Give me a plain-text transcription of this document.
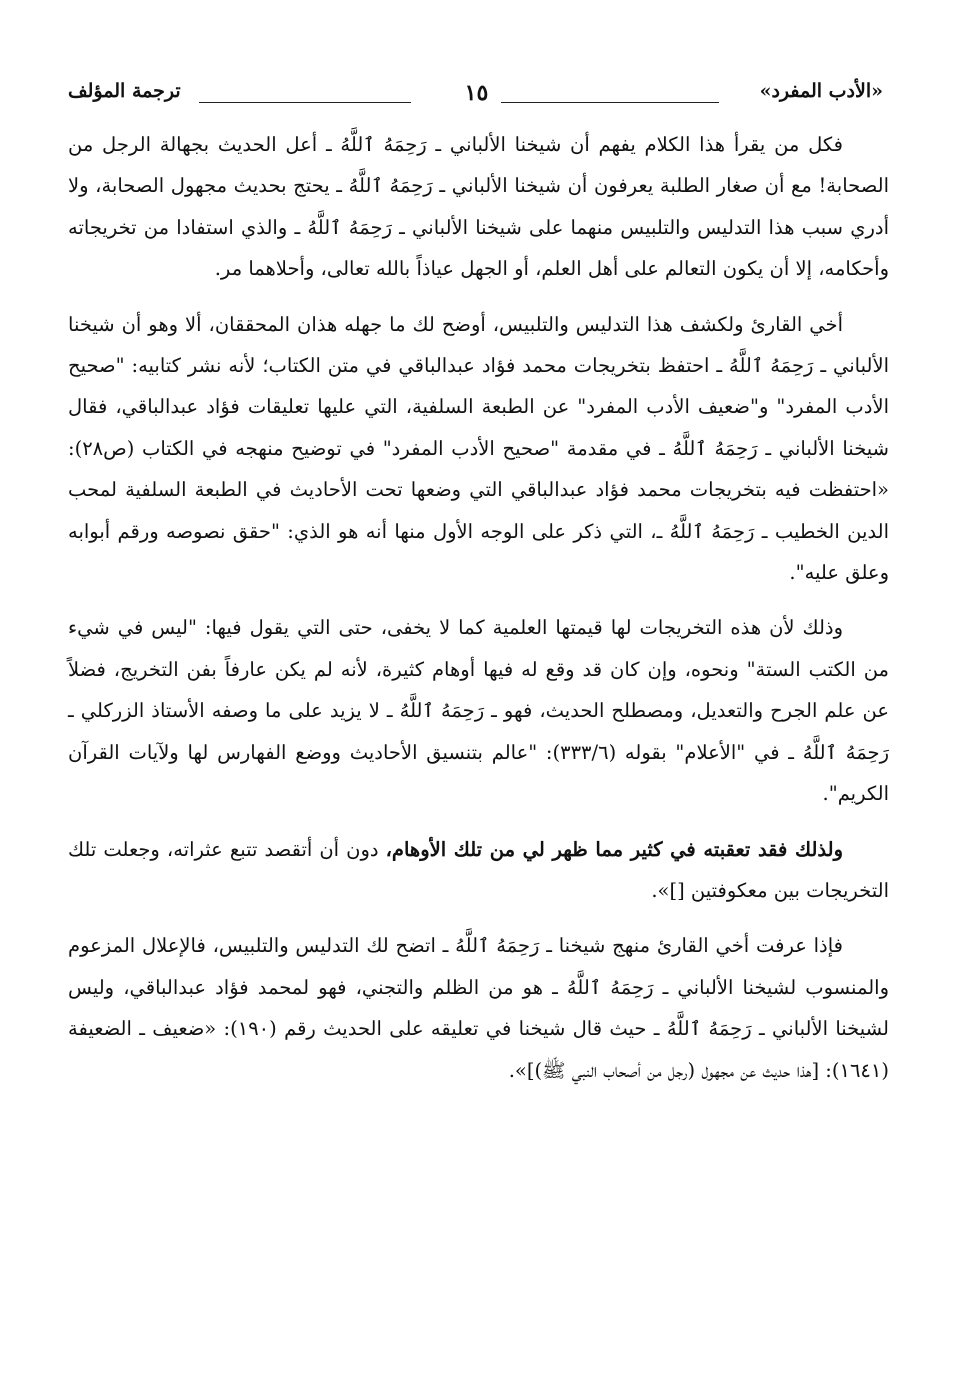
«الأدب المفرد»
١٥
ترجمة المؤلف

فكل من يقرأ هذا الكلام يفهم أن شيخنا الألباني ـ رَحِمَهُ ٱللَّهُ ـ أعل الحديث بجهالة الرجل من الصحابة! مع أن صغار الطلبة يعرفون أن شيخنا الألباني ـ رَحِمَهُ ٱللَّهُ ـ يحتج بحديث مجهول الصحابة، ولا أدري سبب هذا التدليس والتلبيس منهما على شيخنا الألباني ـ رَحِمَهُ ٱللَّهُ ـ والذي استفادا من تخريجاته وأحكامه، إلا أن يكون التعالم على أهل العلم، أو الجهل عياذاً بالله تعالى، وأحلاهما مر.

أخي القارئ ولكشف هذا التدليس والتلبيس، أوضح لك ما جهله هذان المحققان، ألا وهو أن شيخنا الألباني ـ رَحِمَهُ ٱللَّهُ ـ احتفظ بتخريجات محمد فؤاد عبدالباقي في متن الكتاب؛ لأنه نشر كتابيه: "صحيح الأدب المفرد" و"ضعيف الأدب المفرد" عن الطبعة السلفية، التي عليها تعليقات فؤاد عبدالباقي، فقال شيخنا الألباني ـ رَحِمَهُ ٱللَّهُ ـ في مقدمة "صحيح الأدب المفرد" في توضيح منهجه في الكتاب (ص٢٨): «احتفظت فيه بتخريجات محمد فؤاد عبدالباقي التي وضعها تحت الأحاديث في الطبعة السلفية لمحب الدين الخطيب ـ رَحِمَهُ ٱللَّهُ ـ، التي ذكر على الوجه الأول منها أنه هو الذي: "حقق نصوصه ورقم أبوابه وعلق عليه".

وذلك لأن هذه التخريجات لها قيمتها العلمية كما لا يخفى، حتى التي يقول فيها: "ليس في شيء من الكتب الستة" ونحوه، وإن كان قد وقع له فيها أوهام كثيرة، لأنه لم يكن عارفاً بفن التخريج، فضلاً عن علم الجرح والتعديل، ومصطلح الحديث، فهو ـ رَحِمَهُ ٱللَّهُ ـ لا يزيد على ما وصفه الأستاذ الزركلي ـ رَحِمَهُ ٱللَّهُ ـ في "الأعلام" بقوله (٣٣٣/٦): "عالم بتنسيق الأحاديث ووضع الفهارس لها ولآيات القرآن الكريم".

ولذلك فقد تعقبته في كثير مما ظهر لي من تلك الأوهام، دون أن أتقصد تتبع عثراته، وجعلت تلك التخريجات بين معكوفتين []».

فإذا عرفت أخي القارئ منهج شيخنا ـ رَحِمَهُ ٱللَّهُ ـ اتضح لك التدليس والتلبيس، فالإعلال المزعوم والمنسوب لشيخنا الألباني ـ رَحِمَهُ ٱللَّهُ ـ هو من الظلم والتجني، فهو لمحمد فؤاد عبدالباقي، وليس لشيخنا الألباني ـ رَحِمَهُ ٱللَّهُ ـ حيث قال شيخنا في تعليقه على الحديث رقم (١٩٠): «ضعيف ـ الضعيفة (١٦٤١): [هذا حديث عن مجهول (رجل من أصحاب النبي ﷺ)]».
